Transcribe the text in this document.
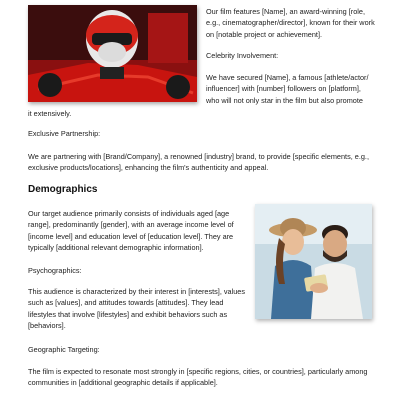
Our film features [Name], an award-winning [role, e.g., cinematographer/director], known for their work on [notable project or achievement].

Celebrity Involvement:

We have secured [Name], a famous [athlete/actor/ influencer] with [number] followers on [platform], who will not only star in the film but also promote

it extensively.

Exclusive Partnership:

We are partnering with [Brand/Company], a renowned [industry] brand, to provide [specific elements, e.g., exclusive products/locations], enhancing the film's authenticity and appeal.

Demographics

Our target audience primarily consists of individuals aged [age range], predominantly [gender], with an average income level of [income level] and education level of [education level]. They are typically [additional relevant demographic information].

Psychographics:

This audience is characterized by their interest in [interests], values such as [values], and attitudes towards [attitudes]. They lead lifestyles that involve [lifestyles] and exhibit behaviors such as [behaviors].

Geographic Targeting:

The film is expected to resonate most strongly in [specific regions, cities, or countries], particularly among communities in [additional geographic details if applicable].
